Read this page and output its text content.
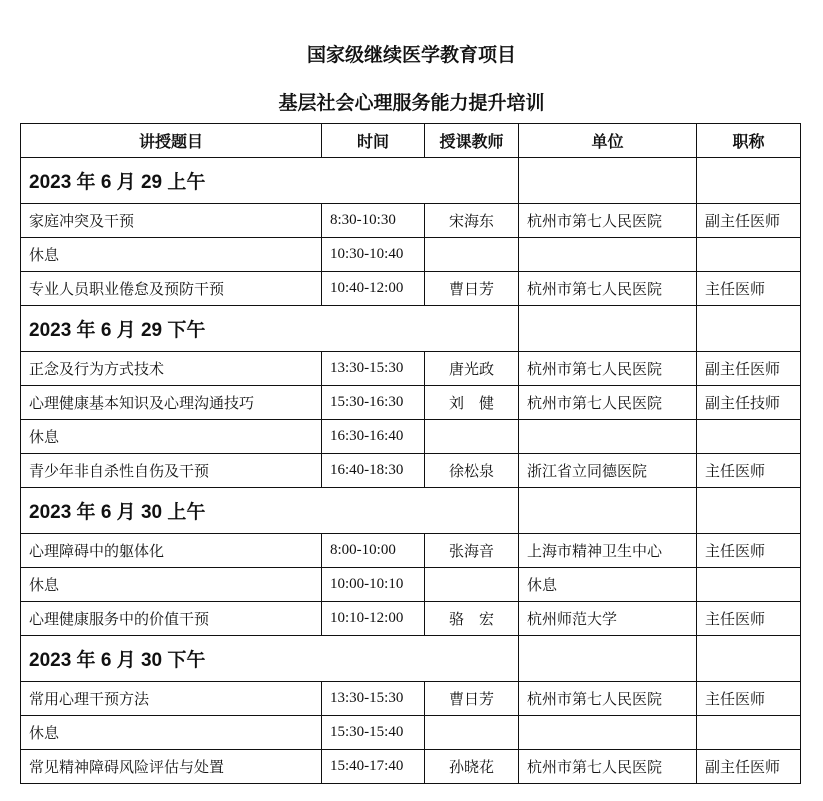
国家级继续医学教育项目
基层社会心理服务能力提升培训
讲授题目	时间	授课教师	单位	职称
2023 年 6 月 29 上午				
家庭冲突及干预	8:30-10:30	宋海东	杭州市第七人民医院	副主任医师
休息	10:30-10:40			
专业人员职业倦怠及预防干预	10:40-12:00	曹日芳	杭州市第七人民医院	主任医师
2023 年 6 月 29 下午				
正念及行为方式技术	13:30-15:30	唐光政	杭州市第七人民医院	副主任医师
心理健康基本知识及心理沟通技巧	15:30-16:30	刘　健	杭州市第七人民医院	副主任技师
休息	16:30-16:40			
青少年非自杀性自伤及干预	16:40-18:30	徐松泉	浙江省立同德医院	主任医师
2023 年 6 月 30 上午				
心理障碍中的躯体化	8:00-10:00	张海音	上海市精神卫生中心	主任医师
休息	10:00-10:10		休息	
心理健康服务中的价值干预	10:10-12:00	骆　宏	杭州师范大学	主任医师
2023 年 6 月 30 下午				
常用心理干预方法	13:30-15:30	曹日芳	杭州市第七人民医院	主任医师
休息	15:30-15:40			
常见精神障碍风险评估与处置	15:40-17:40	孙晓花	杭州市第七人民医院	副主任医师
